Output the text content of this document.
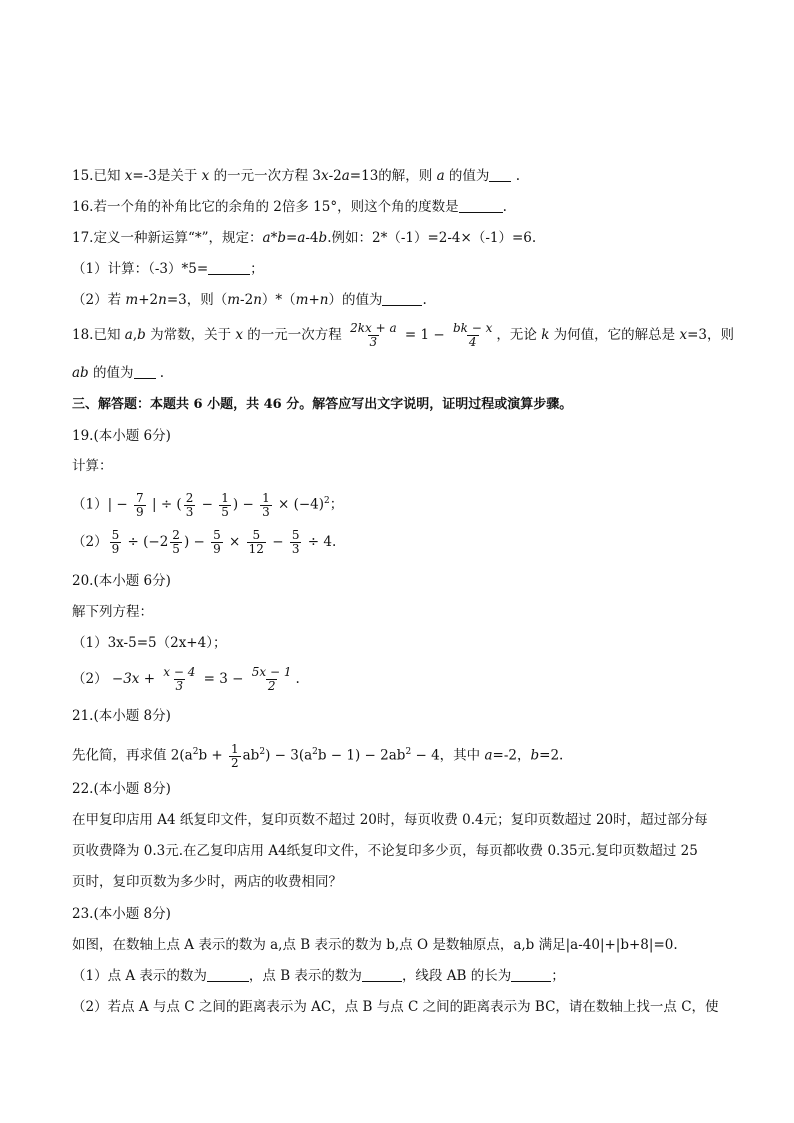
15.已知 x=-3是关于 x 的一元一次方程 3x-2a=13的解，则 a 的值为 .
16.若一个角的补角比它的余角的 2倍多 15°，则这个角的度数是	.
17.定义一种新运算“*”，规定：a*b=a-4b.例如：2*（-1）=2-4×（-1）=6.
（1）计算：（-3）*5=	；
（2）若 m+2n=3，则（m-2n）*（m+n）的值为	.
18.已知 a,b 为常数，关于 x 的一元一次方程 $\frac{2kx + a}{3} = 1 - \frac{bk - x}{4}$ ，无论 k 为何值，它的解总是 x=3，则
ab 的值为 .
三、解答题：本题共 6 小题，共 46 分。解答应写出文字说明，证明过程或演算步骤。
19.(本小题 6分)
计算：
$(1)| - \frac{7}{9}$ | ÷ ( $\frac{2}{3} - \frac{1}{5}$ ) − $\frac{1}{3} \times (-4)^2$；
$(2) \frac{5}{9} \div (-2 \frac{2}{5}$ ) − $\frac{5}{9} \times \frac{5}{12} - \frac{5}{3} \div 4$.
20.(本小题 6分)
解下列方程：
（1）3x-5=5（2x+4）；
$(2) -3x + \frac{x - 4}{3} = 3 - \frac{5x - 1}{2}$ .
21.(本小题 8分)
先化简，再求值 $2(a^2b + \frac{1}{2} ab^2) - 3(a^2b - 1) - 2ab^2 - 4$，其中 a=-2，b=2.
22.(本小题 8分)
在甲复印店用 A4 纸复印文件，复印页数不超过 20时，每页收费 0.4元；复印页数超过 20时，超过部分每
页收费降为 0.3元.在乙复印店用 A4纸复印文件，不论复印多少页，每页都收费 0.35元.复印页数超过 25
页时，复印页数为多少时，两店的收费相同？
23.(本小题 8分)
如图，在数轴上点 A 表示的数为 a,点 B 表示的数为 b,点 O 是数轴原点，a,b 满足|a-40|+|b+8|=0.
（1）点 A 表示的数为	，点 B 表示的数为	，线段 AB 的长为	；
（2）若点 A 与点 C 之间的距离表示为 AC，点 B 与点 C 之间的距离表示为 BC，请在数轴上找一点 C，使
